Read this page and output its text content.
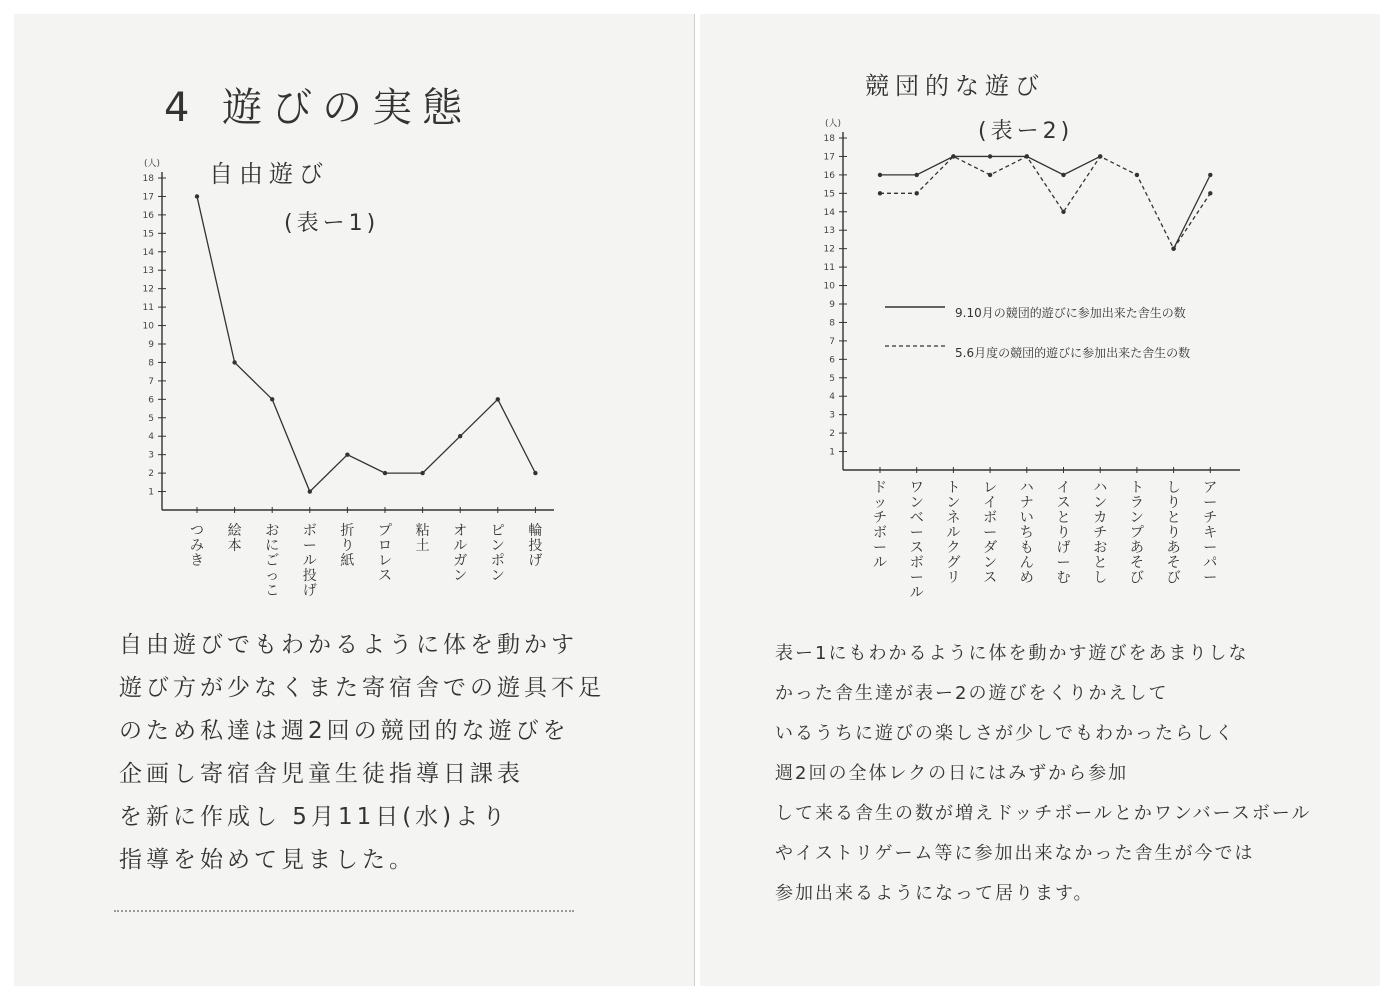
4 遊びの実態
自由遊び
(表ー1)
(人)
1
2
3
4
5
6
7
8
9
10
11
12
13
14
15
16
17
18
つみき
絵本
おにごっこ
ボール投げ
折り紙
プロレス
粘土
オルガン
ピンポン
輪投げ
自由遊びでもわかるように体を動かす
遊び方が少なくまた寄宿舎での遊具不足
のため私達は週2回の競団的な遊びを
企画し寄宿舎児童生徒指導日課表
を新に作成し 5月11日(水)より
指導を始めて見ました。
競団的な遊び
(表ー2)
(人)
1
2
3
4
5
6
7
8
9
10
11
12
13
14
15
16
17
18
ドッチボール
ワンベースボール
トンネルクグリ
レイボーダンス
ハナいちもんめ
イスとりげーむ
ハンカチおとし
トランプあそび
しりとりあそび
アーチキーパー
9.10月の競団的遊びに参加出来た舎生の数
5.6月度の競団的遊びに参加出来た舎生の数
表ー1にもわかるように体を動かす遊びをあまりしな
かった舎生達が表ー2の遊びをくりかえして
いるうちに遊びの楽しさが少しでもわかったらしく
週2回の全体レクの日にはみずから参加
して来る舎生の数が増えドッチボールとかワンバースボール
やイストリゲーム等に参加出来なかった舎生が今では
参加出来るようになって居ります。
